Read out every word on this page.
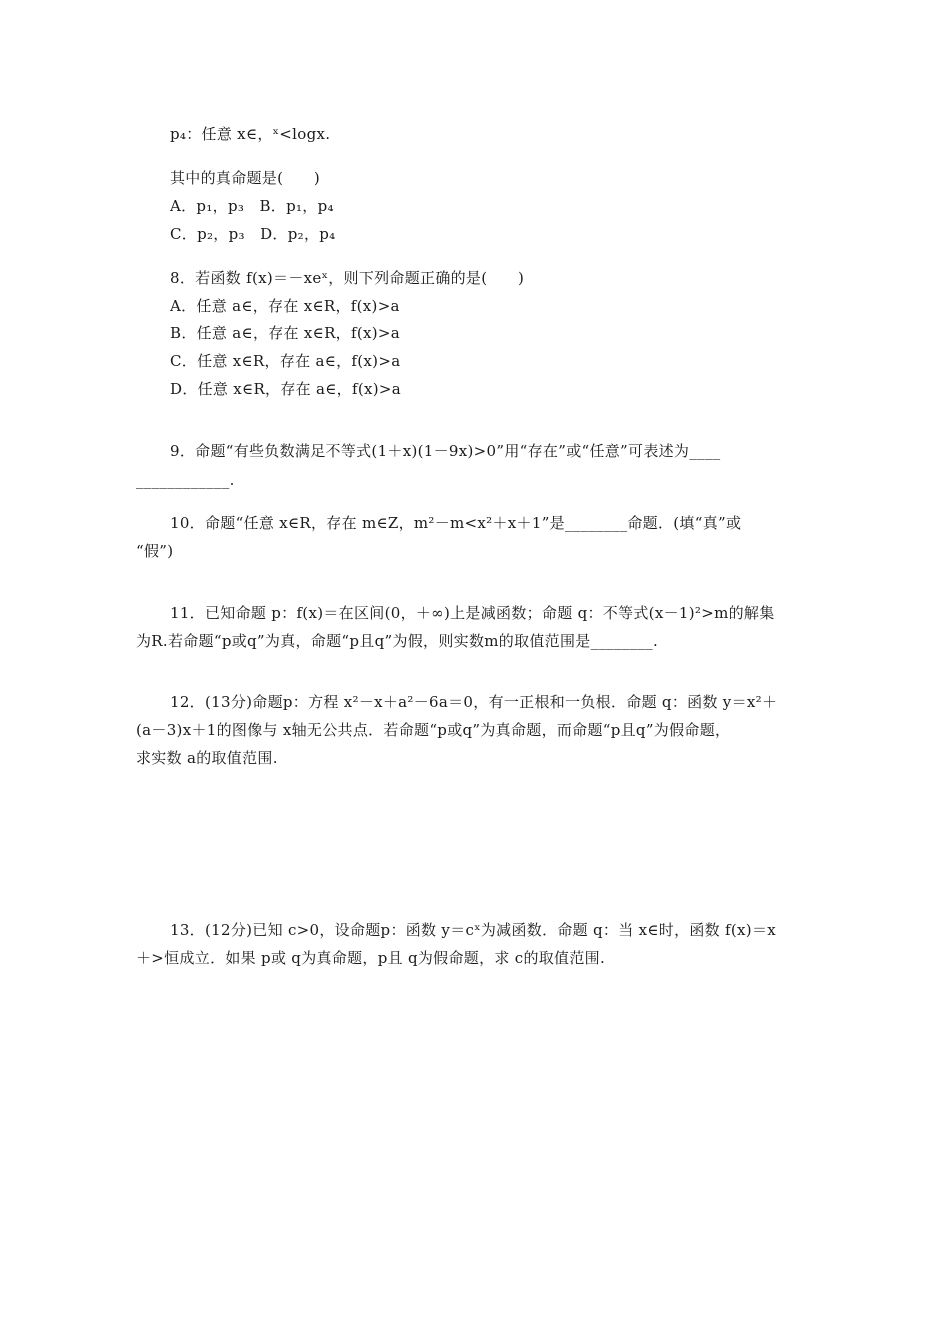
p₄：任意 x∈，ˣ<logx.
其中的真命题是(　　)
A．p₁，p₃　B．p₁，p₄
C．p₂，p₃　D．p₂，p₄
8．若函数 f(x)＝－xeˣ，则下列命题正确的是(　　)
A．任意 a∈，存在 x∈R，f(x)>a
B．任意 a∈，存在 x∈R，f(x)>a
C．任意 x∈R，存在 a∈，f(x)>a
D．任意 x∈R，存在 a∈，f(x)>a
9．命题“有些负数满足不等式(1＋x)(1－9x)>0”用“存在”或“任意”可表述为____
____________.
10．命题“任意 x∈R，存在 m∈Z，m²－m<x²＋x＋1”是________命题．(填“真”或
“假”)
11．已知命题 p：f(x)＝在区间(0，＋∞)上是减函数；命题 q：不等式(x－1)²>m的解集
为R.若命题“p或q”为真，命题“p且q”为假，则实数m的取值范围是________.
12．(13分)命题p：方程 x²－x＋a²－6a＝0，有一正根和一负根．命题 q：函数 y＝x²＋
(a－3)x＋1的图像与 x轴无公共点．若命题“p或q”为真命题，而命题“p且q”为假命题，
求实数 a的取值范围.
13．(12分)已知 c>0，设命题p：函数 y＝cˣ为减函数．命题 q：当 x∈时，函数 f(x)＝x
＋>恒成立．如果 p或 q为真命题，p且 q为假命题，求 c的取值范围.
